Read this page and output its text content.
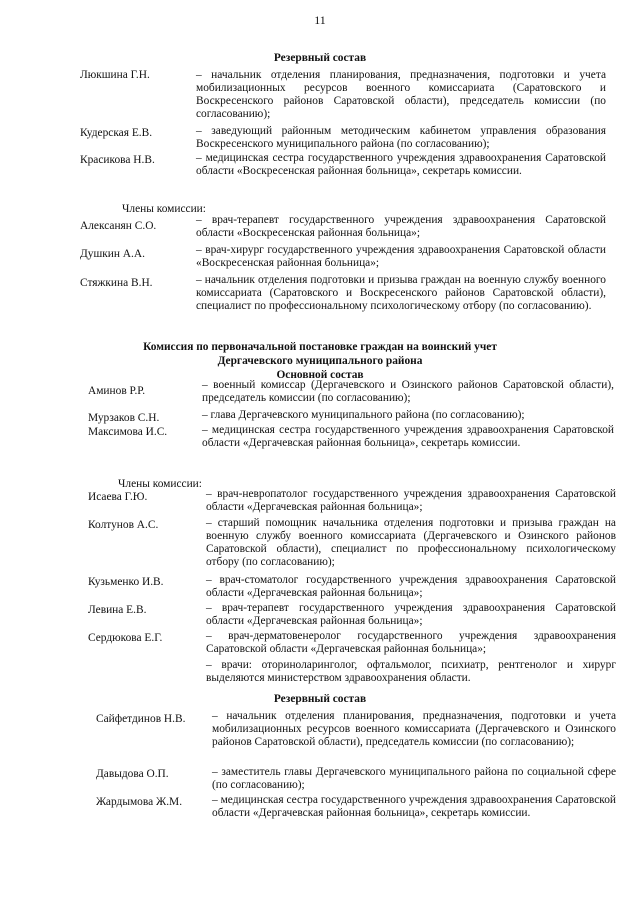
11
Резервный состав
Люкшина Г.Н.	– начальник отделения планирования, предназначения, подготовки и учета мобилизационных ресурсов военного комиссариата (Саратовского и Воскресенского районов Саратовской области), председатель комиссии (по согласованию);
Кудерская Е.В.	– заведующий районным методическим кабинетом управления образования Воскресенского муниципального района (по согласованию);
Красикова Н.В.	– медицинская сестра государственного учреждения здравоохранения Саратовской области «Воскресенская районная больница», секретарь комиссии.
Члены комиссии:
Алексанян С.О.	– врач-терапевт государственного учреждения здравоохранения Саратовской области «Воскресенская районная больница»;
Душкин А.А.	– врач-хирург государственного учреждения здравоохранения Саратовской области «Воскресенская районная больница»;
Стяжкина В.Н.	– начальник отделения подготовки и призыва граждан на военную службу военного комиссариата (Саратовского и Воскресенского районов Саратовской области), специалист по профессиональному психологическому отбору (по согласованию).
Комиссия по первоначальной постановке граждан на воинский учет
Дергачевского муниципального района
Основной состав
Аминов Р.Р.	– военный комиссар (Дергачевского и Озинского районов Саратовской области), председатель комиссии (по согласованию);
Мурзаков С.Н.	– глава Дергачевского муниципального района (по согласованию);
Максимова И.С.	– медицинская сестра государственного учреждения здравоохранения Саратовской области «Дергачевская районная больница», секретарь комиссии.
Члены комиссии:
Исаева Г.Ю.	– врач-невропатолог государственного учреждения здравоохранения Саратовской области «Дергачевская районная больница»;
Колтунов А.С.	– старший помощник начальника отделения подготовки и призыва граждан на военную службу военного комиссариата (Дергачевского и Озинского районов Саратовской области), специалист по профессиональному психологическому отбору (по согласованию);
Кузьменко И.В.	– врач-стоматолог государственного учреждения здравоохранения Саратовской области «Дергачевская районная больница»;
Левина Е.В.	– врач-терапевт государственного учреждения здравоохранения Саратовской области «Дергачевская районная больница»;
Сердюкова Е.Г.	– врач-дерматовенеролог государственного учреждения здравоохранения Саратовской области «Дергачевская районная больница»;
– врачи: оториноларинголог, офтальмолог, психиатр, рентгенолог и хирург выделяются министерством здравоохранения области.
Резервный состав
Сайфетдинов Н.В. – начальник отделения планирования, предназначения, подготовки и учета мобилизационных ресурсов военного комиссариата (Дергачевского и Озинского районов Саратовской области), председатель комиссии (по согласованию);
Давыдова О.П.	– заместитель главы Дергачевского муниципального района по социальной сфере (по согласованию);
Жардымова Ж.М.	– медицинская сестра государственного учреждения здравоохранения Саратовской области «Дергачевская районная больница», секретарь комиссии.
